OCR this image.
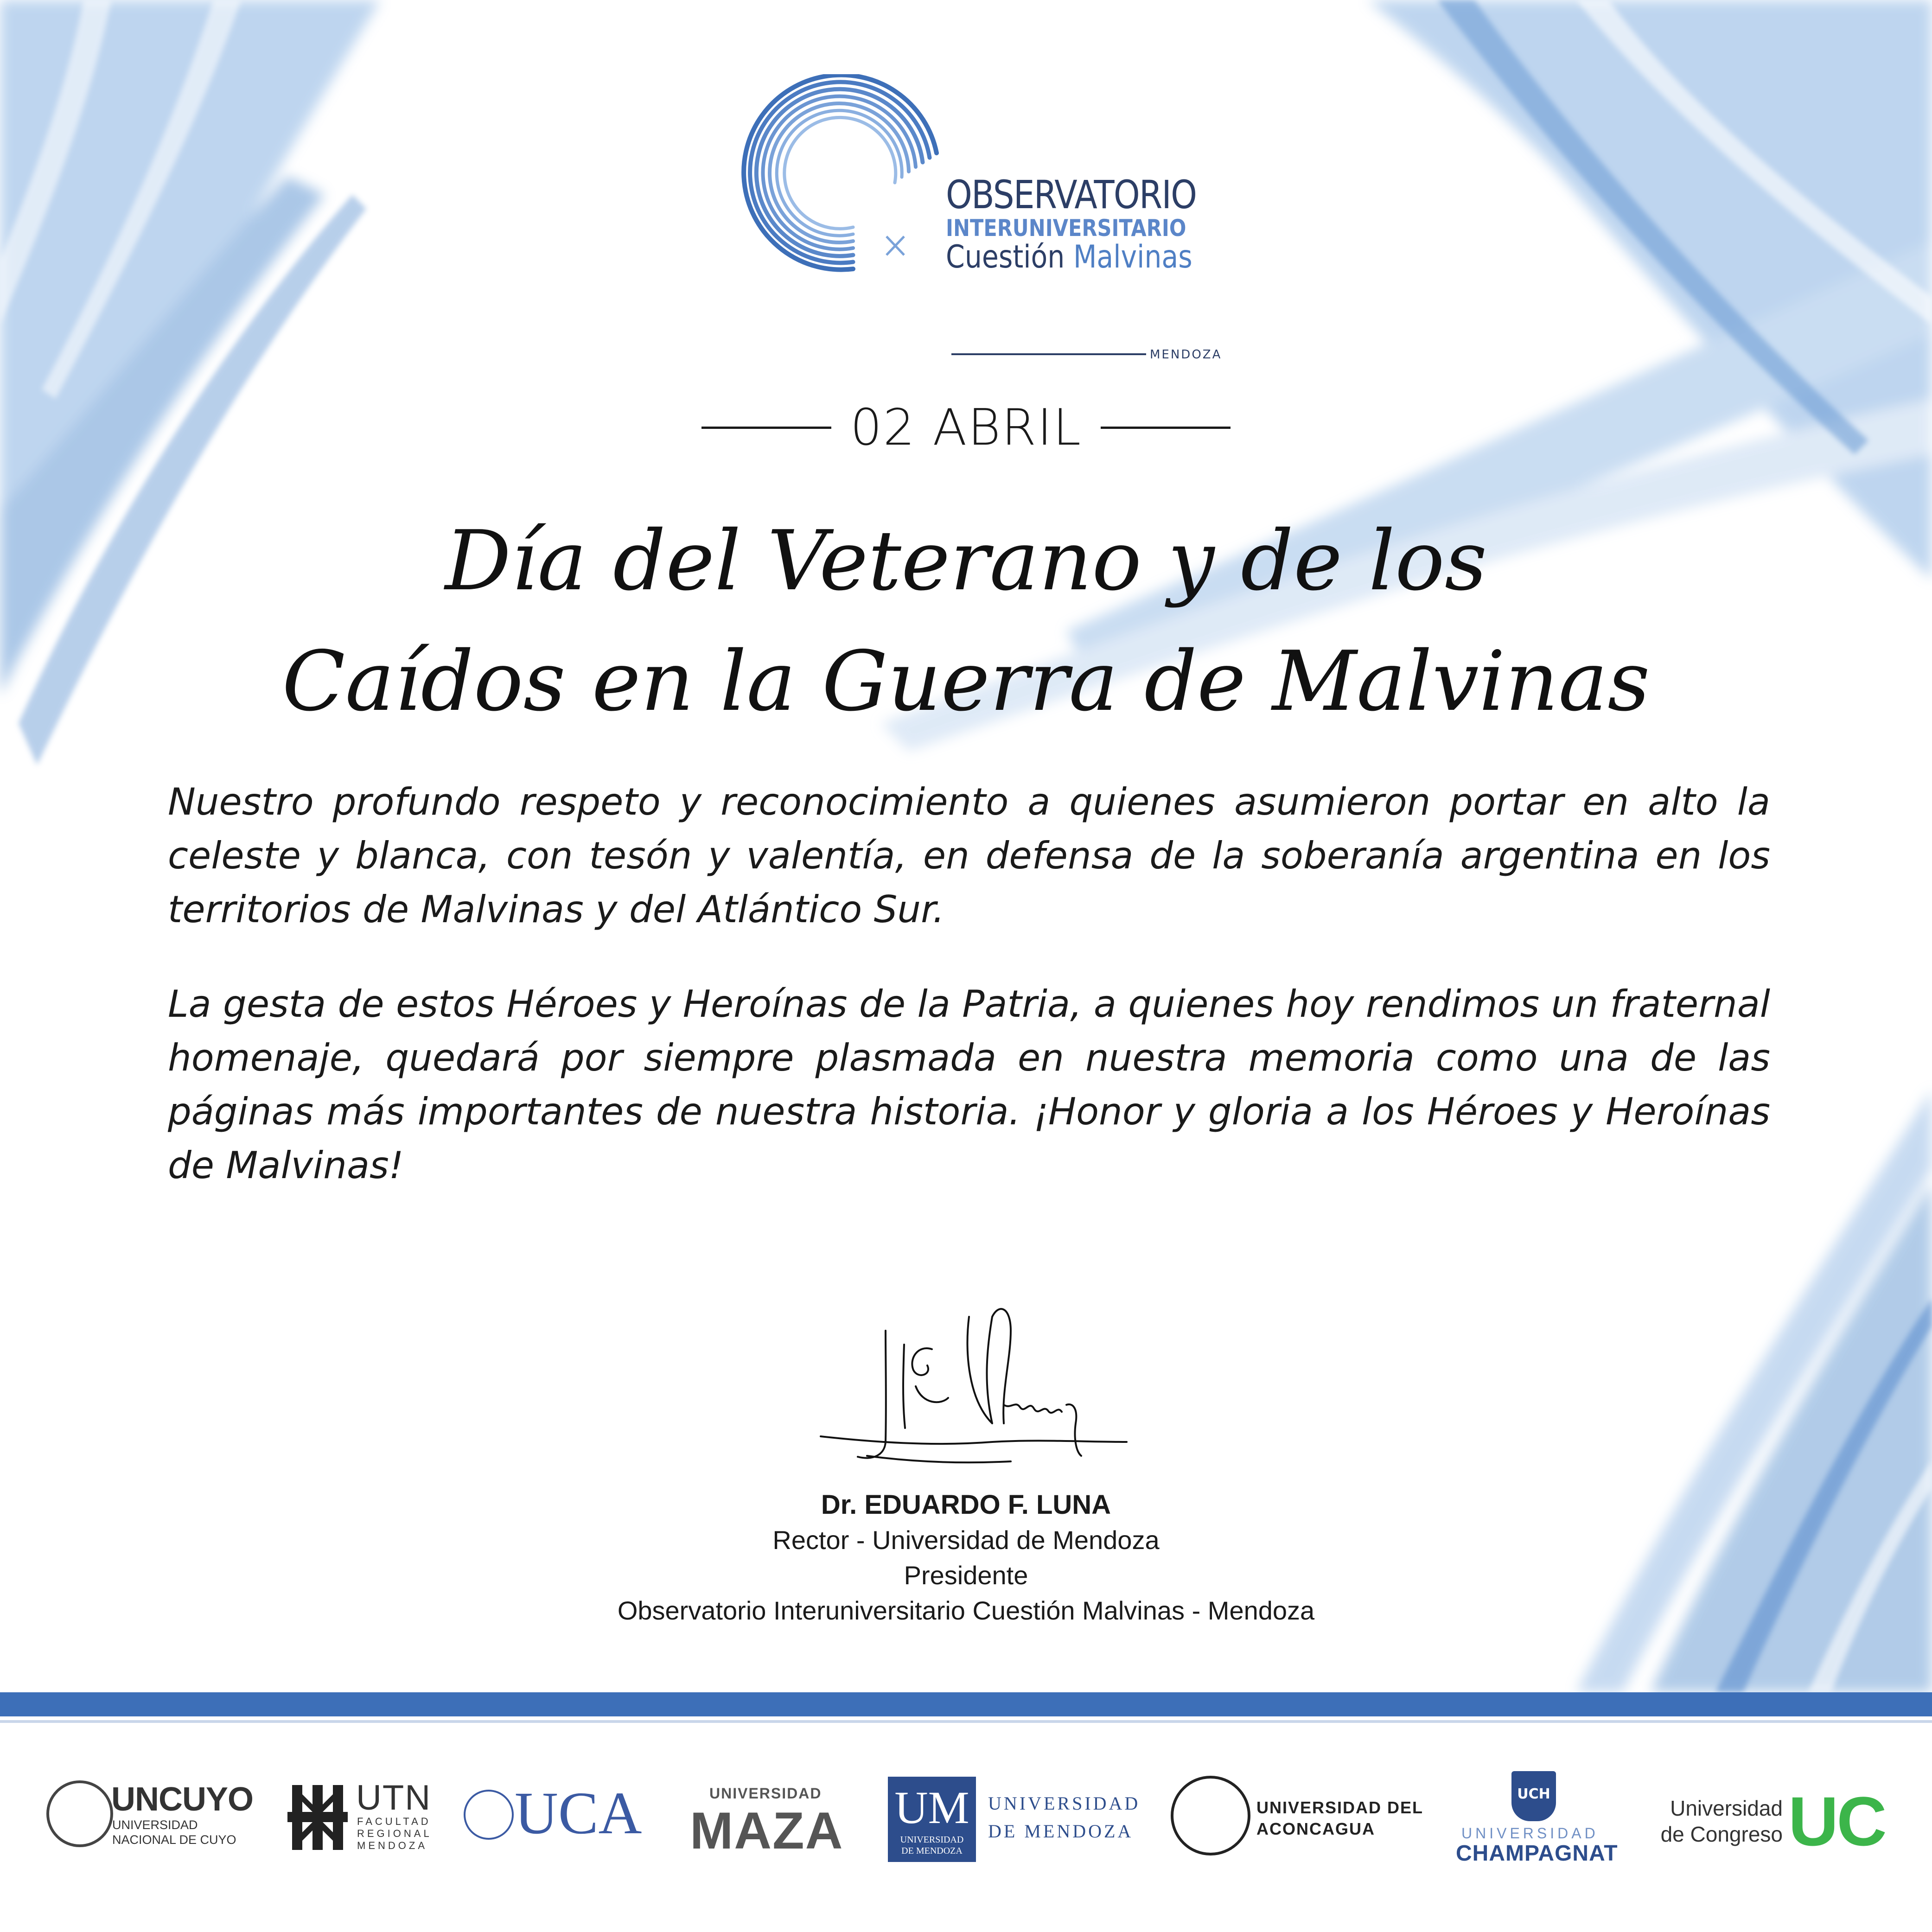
OBSERVATORIO
INTERUNIVERSITARIO
Cuestión Malvinas
MENDOZA
02 ABRIL
Día del Veterano y de los
Caídos en la Guerra de Malvinas

Nuestro profundo respeto y reconocimiento a quienes asumieron portar en alto la celeste y blanca, con tesón y valentía, en defensa de la soberanía argentina en los territorios de Malvinas y del Atlántico Sur.

La gesta de estos Héroes y Heroínas de la Patria, a quienes hoy rendimos un fraternal homenaje, quedará por siempre plasmada en nuestra memoria como una de las páginas más importantes de nuestra historia. ¡Honor y gloria a los Héroes y Heroínas de Malvinas!

Dr. EDUARDO F. LUNA
Rector - Universidad de Mendoza
Presidente
Observatorio Interuniversitario Cuestión Malvinas - Mendoza
UNCUYO
UNIVERSIDAD
NACIONAL DE CUYO
UTN
FACULTAD
REGIONAL
MENDOZA UCA	UNIVERSIDAD
MAZA UM
UNIVERSIDAD
DE MENDOZA
UNIVERSIDAD
DE MENDOZA
UNIVERSIDAD DEL
ACONCAGUA
UCH
UNIVERSIDAD
CHAMPAGNAT
Universidad
de Congreso UC
